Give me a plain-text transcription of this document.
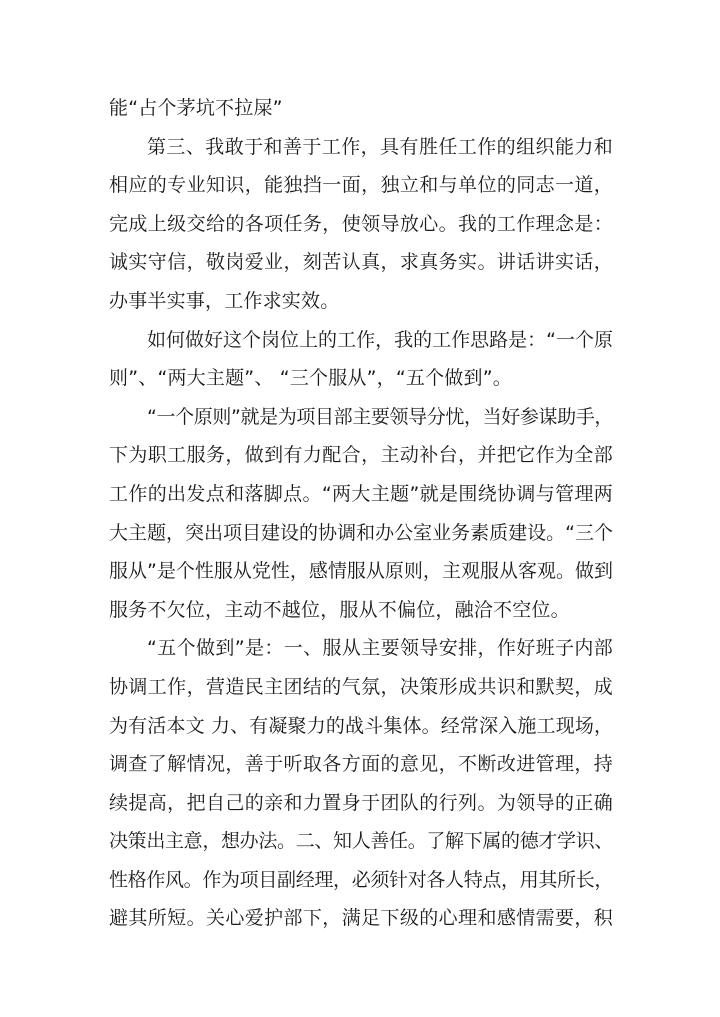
能“占个茅坑不拉屎”
第三、我敢于和善于工作，具有胜任工作的组织能力和
相应的专业知识，能独挡一面，独立和与单位的同志一道，
完成上级交给的各项任务，使领导放心。我的工作理念是：
诚实守信，敬岗爱业，刻苦认真，求真务实。讲话讲实话，
办事半实事，工作求实效。
如何做好这个岗位上的工作，我的工作思路是：“一个原
则”、“两大主题”、 “三个服从”，“五个做到”。
“一个原则”就是为项目部主要领导分忧，当好参谋助手，
下为职工服务，做到有力配合，主动补台，并把它作为全部
工作的出发点和落脚点。“两大主题”就是围绕协调与管理两
大主题，突出项目建设的协调和办公室业务素质建设。“三个
服从”是个性服从党性，感情服从原则，主观服从客观。做到
服务不欠位，主动不越位，服从不偏位，融洽不空位。
“五个做到”是：一、服从主要领导安排，作好班子内部
协调工作，营造民主团结的气氛，决策形成共识和默契，成
为有活本文 力、有凝聚力的战斗集体。经常深入施工现场，
调查了解情况，善于听取各方面的意见，不断改进管理，持
续提高，把自己的亲和力置身于团队的行列。为领导的正确
决策出主意，想办法。二、知人善任。了解下属的德才学识、
性格作风。作为项目副经理，必须针对各人特点，用其所长，
避其所短。关心爱护部下，满足下级的心理和感情需要，积
